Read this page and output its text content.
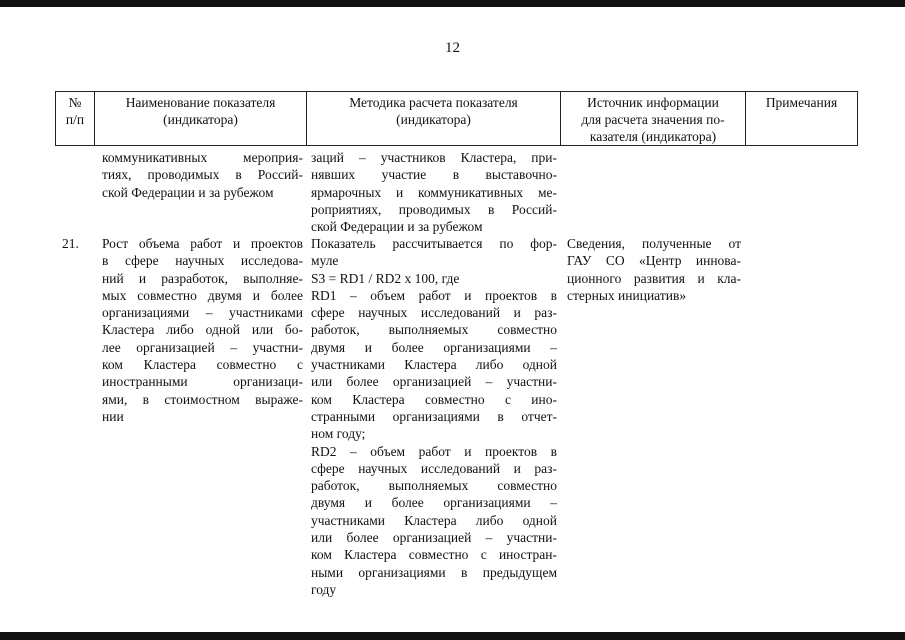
12
№
п/п
Наименование показателя
(индикатора)
Методика расчета показателя
(индикатора)
Источник информации
для расчета значения по-
казателя (индикатора)
Примечания
коммуникативных мероприя-
тиях, проводимых в Россий-
ской Федерации и за рубежом
заций – участников Кластера, при-
нявших участие в выставочно-
ярмарочных и коммуникативных ме-
роприятиях, проводимых в Россий-
ской Федерации и за рубежом
21. Рост объема работ и проектов
в сфере научных исследова-
ний и разработок, выполняе-
мых совместно двумя и более
организациями – участниками
Кластера либо одной или бо-
лее организацией – участни-
ком Кластера совместно с
иностранными организаци-
ями, в стоимостном выраже-
нии
Показатель рассчитывается по фор-
муле
S3 = RD1 / RD2 x 100, где
RD1 – объем работ и проектов в
сфере научных исследований и раз-
работок, выполняемых совместно
двумя и более организациями –
участниками Кластера либо одной
или более организацией – участни-
ком Кластера совместно с ино-
странными организациями в отчет-
ном году;
RD2 – объем работ и проектов в
сфере научных исследований и раз-
работок, выполняемых совместно
двумя и более организациями –
участниками Кластера либо одной
или более организацией – участни-
ком Кластера совместно с иностран-
ными организациями в предыдущем
году
Сведения, полученные от
ГАУ СО «Центр иннова-
ционного развития и кла-
стерных инициатив»
